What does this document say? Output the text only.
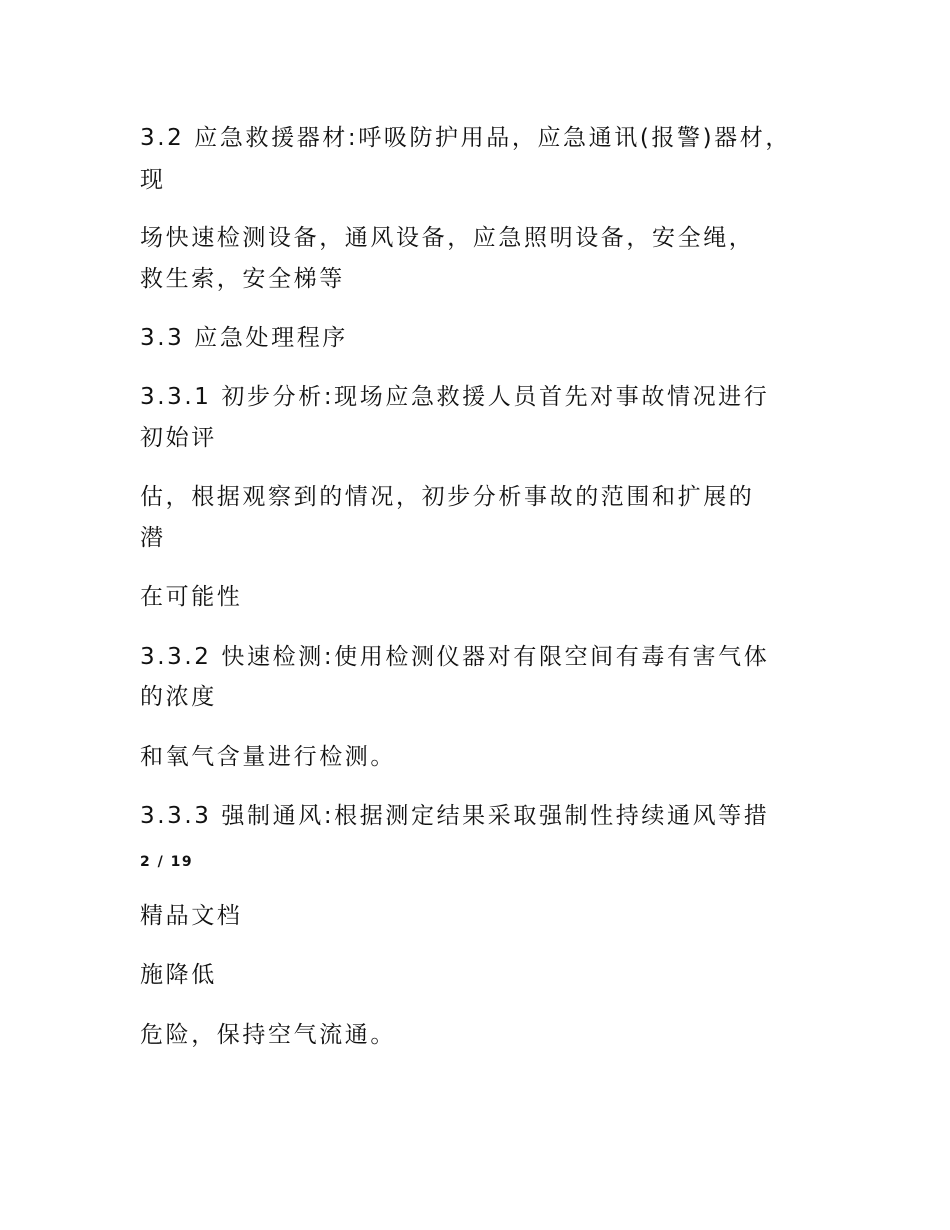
3.2 应急救援器材:呼吸防护用品，应急通讯(报警)器材，

现

场快速检测设备，通风设备，应急照明设备，安全绳，

救生索，安全梯等

3.3 应急处理程序

3.3.1 初步分析:现场应急救援人员首先对事故情况进行

初始评

估，根据观察到的情况，初步分析事故的范围和扩展的

潜

在可能性

3.3.2 快速检测:使用检测仪器对有限空间有毒有害气体

的浓度

和氧气含量进行检测。

3.3.3 强制通风:根据测定结果采取强制性持续通风等措

2 / 19

精品文档

施降低

危险，保持空气流通。
